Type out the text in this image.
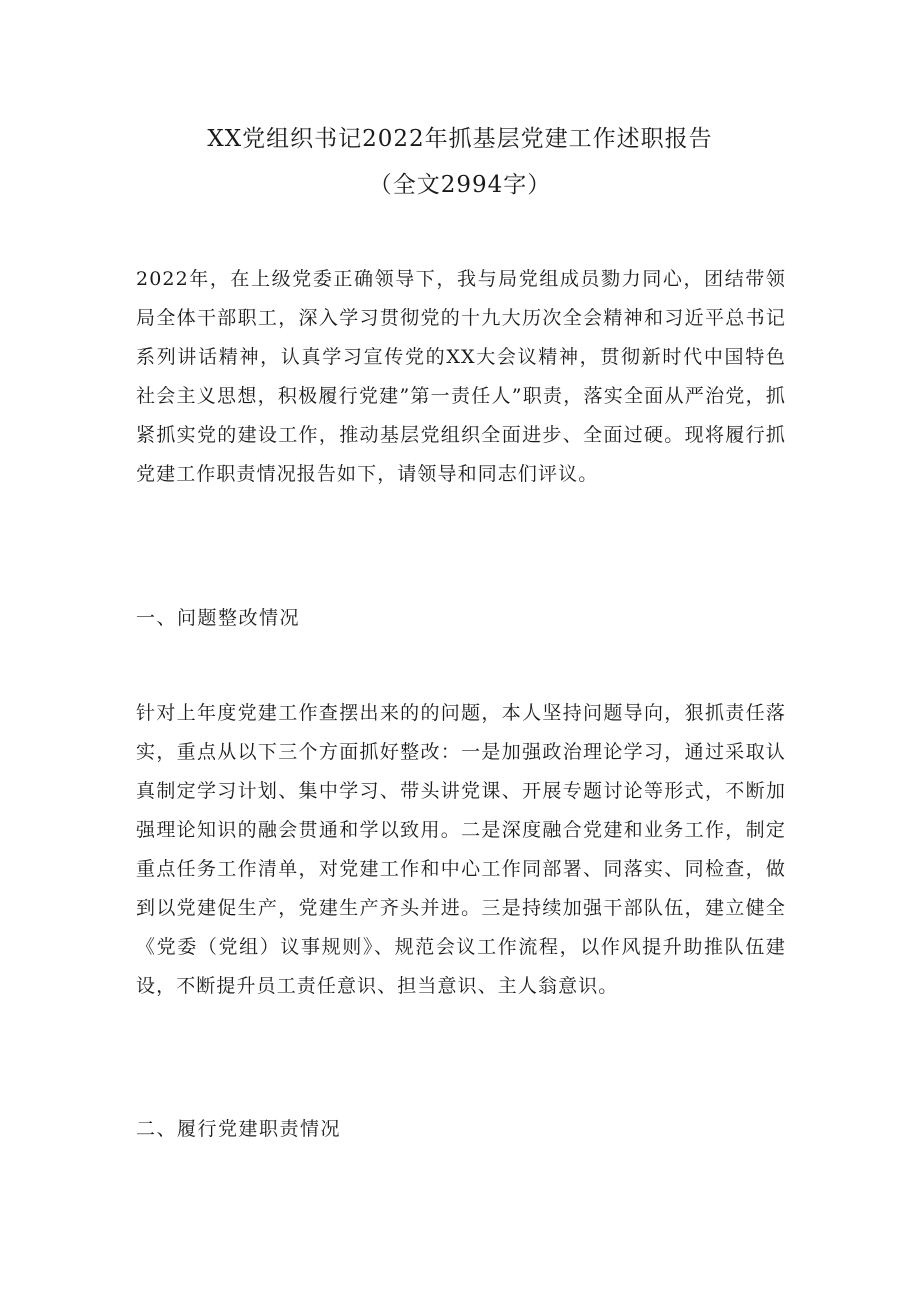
XX党组织书记2022年抓基层党建工作述职报告
（全文2994字）

2022年，在上级党委正确领导下，我与局党组成员勠力同心，团结带领局全体干部职工，深入学习贯彻党的十九大历次全会精神和习近平总书记系列讲话精神，认真学习宣传党的XX大会议精神，贯彻新时代中国特色社会主义思想，积极履行党建”第一责任人”职责，落实全面从严治党，抓紧抓实党的建设工作，推动基层党组织全面进步、全面过硬。现将履行抓党建工作职责情况报告如下，请领导和同志们评议。

一、问题整改情况

针对上年度党建工作查摆出来的的问题，本人坚持问题导向，狠抓责任落实，重点从以下三个方面抓好整改：一是加强政治理论学习，通过采取认真制定学习计划、集中学习、带头讲党课、开展专题讨论等形式，不断加强理论知识的融会贯通和学以致用。二是深度融合党建和业务工作，制定重点任务工作清单，对党建工作和中心工作同部署、同落实、同检查，做到以党建促生产，党建生产齐头并进。三是持续加强干部队伍，建立健全《党委（党组）议事规则》、规范会议工作流程，以作风提升助推队伍建设，不断提升员工责任意识、担当意识、主人翁意识。

二、履行党建职责情况
